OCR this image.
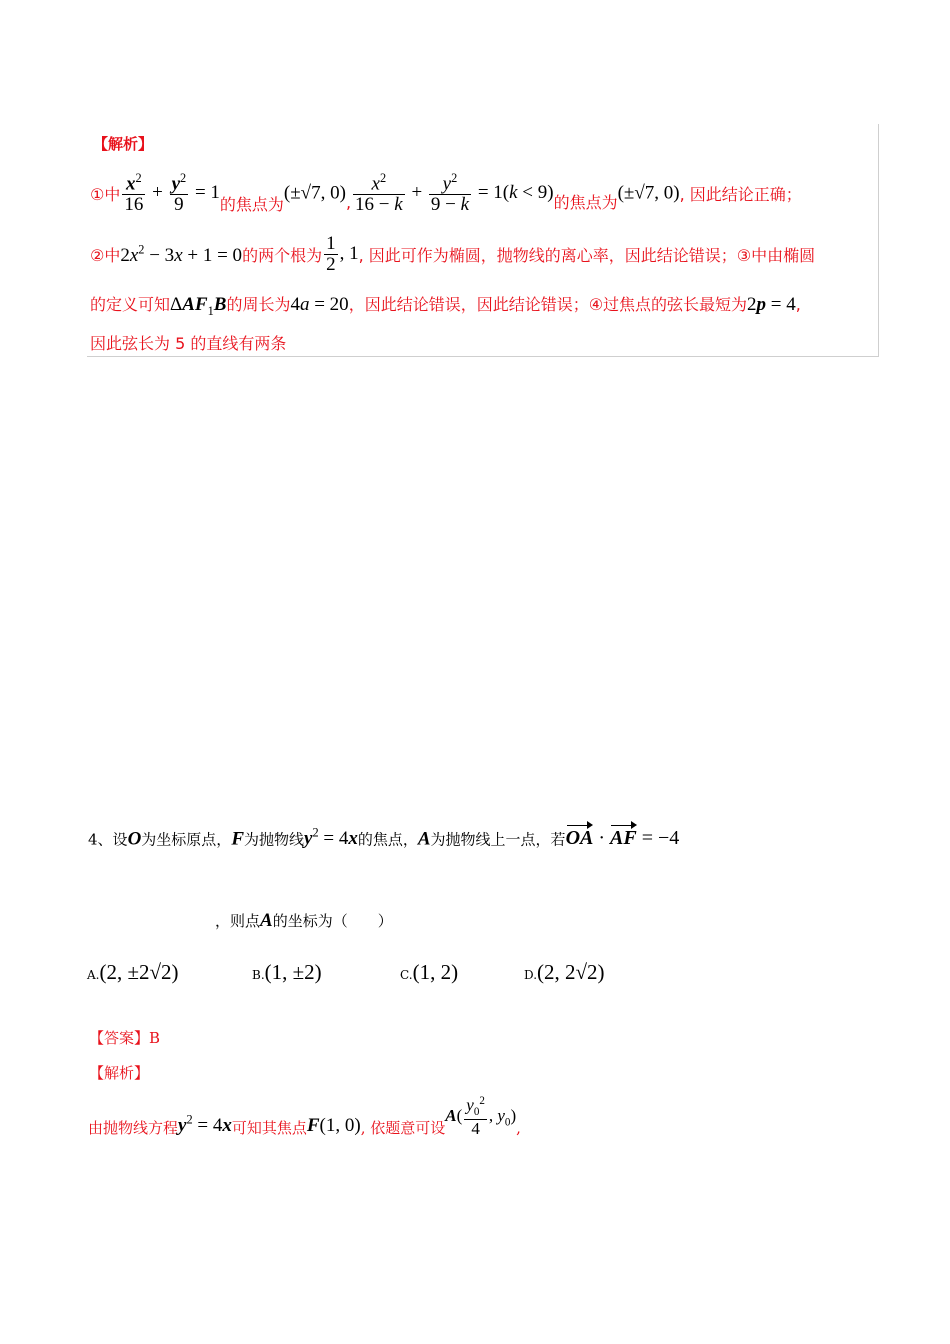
【解析】
①中 $\frac{x^2}{16} + \frac{y^2}{9} = 1$的焦点为(±√7, 0), $\frac{x^2}{16 - k} + \frac{y^2}{9 - k} = 1(k < 9)$的焦点为(±√7, 0), 因此结论正确；
②中$2x^2 - 3x + 1 = 0$的两个根为 $\frac{1}{2}$ , 1, 因此可作为椭圆，抛物线的离心率，因此结论错误；③中由椭圆
的定义可知$\Delta AF_1B$的周长为4a = 20，因此结论错误，因此结论错误；④过焦点的弦长最短为2p = 4,
因此弦长为 5 的直线有两条
4、设O为坐标原点，F为抛物线$y^2 = 4x$的焦点，A为抛物线上一点，若OA · AF = −4
，则点A的坐标为（　　）
A.(2, ±2√2)	B.(1, ±2)	C.(1, 2)	D.(2, 2√2)
【答案】B
【解析】
由抛物线方程$y^2 = 4x$可知其焦点F(1, 0), 依题意可设$A( \frac{y_0^2}{4}$ , $y_0$),
